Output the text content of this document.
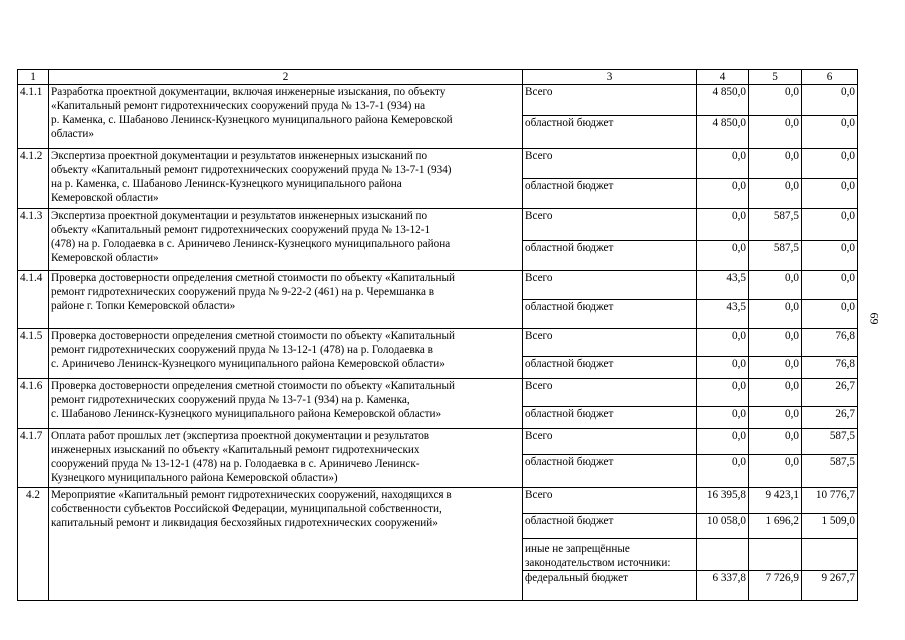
1	2	3	4	5	6
4.1.1	Разработка проектной документации, включая инженерные изыскания, по объекту
«Капитальный ремонт гидротехнических сооружений пруда № 13-7-1 (934) на
р. Каменка, с. Шабаново Ленинск-Кузнецкого муниципального района Кемеровской
области»	Всего	4 850,0	0,0	0,0
		областной бюджет	4 850,0	0,0	0,0
4.1.2	Экспертиза проектной документации и результатов инженерных изысканий по
объекту «Капитальный ремонт гидротехнических сооружений пруда № 13-7-1 (934)
на р. Каменка, с. Шабаново Ленинск-Кузнецкого муниципального района
Кемеровской области»	Всего	0,0	0,0	0,0
		областной бюджет	0,0	0,0	0,0
4.1.3	Экспертиза проектной документации и результатов инженерных изысканий по
объекту «Капитальный ремонт гидротехнических сооружений пруда № 13-12-1
(478) на р. Голодаевка в с. Ариничево Ленинск-Кузнецкого муниципального района
Кемеровской области»	Всего	0,0	587,5	0,0
		областной бюджет	0,0	587,5	0,0
4.1.4	Проверка достоверности определения сметной стоимости по объекту «Капитальный
ремонт гидротехнических сооружений пруда № 9-22-2 (461) на р. Черемшанка в
районе г. Топки Кемеровской области»	Всего	43,5	0,0	0,0
		областной бюджет	43,5	0,0	0,0
4.1.5	Проверка достоверности определения сметной стоимости по объекту «Капитальный
ремонт гидротехнических сооружений пруда № 13-12-1 (478) на р. Голодаевка в
с. Ариничево Ленинск-Кузнецкого муниципального района Кемеровской области»	Всего	0,0	0,0	76,8
		областной бюджет	0,0	0,0	76,8
4.1.6	Проверка достоверности определения сметной стоимости по объекту «Капитальный
ремонт гидротехнических сооружений пруда № 13-7-1 (934) на р. Каменка,
с. Шабаново Ленинск-Кузнецкого муниципального района Кемеровской области»	Всего	0,0	0,0	26,7
		областной бюджет	0,0	0,0	26,7
4.1.7	Оплата работ прошлых лет (экспертиза проектной документации и результатов
инженерных изысканий по объекту «Капитальный ремонт гидротехнических
сооружений пруда № 13-12-1 (478) на р. Голодаевка в с. Ариничево Ленинск-
Кузнецкого муниципального района Кемеровской области»)	Всего	0,0	0,0	587,5
		областной бюджет	0,0	0,0	587,5
4.2	Мероприятие «Капитальный ремонт гидротехнических сооружений, находящихся в
собственности субъектов Российской Федерации, муниципальной собственности,
капитальный ремонт и ликвидация бесхозяйных гидротехнических сооружений»	Всего	16 395,8	9 423,1	10 776,7
		областной бюджет	10 058,0	1 696,2	1 509,0

		иные не запрещённые
законодательством источники:			

		федеральный бюджет	6 337,8	7 726,9	9 267,7
69
